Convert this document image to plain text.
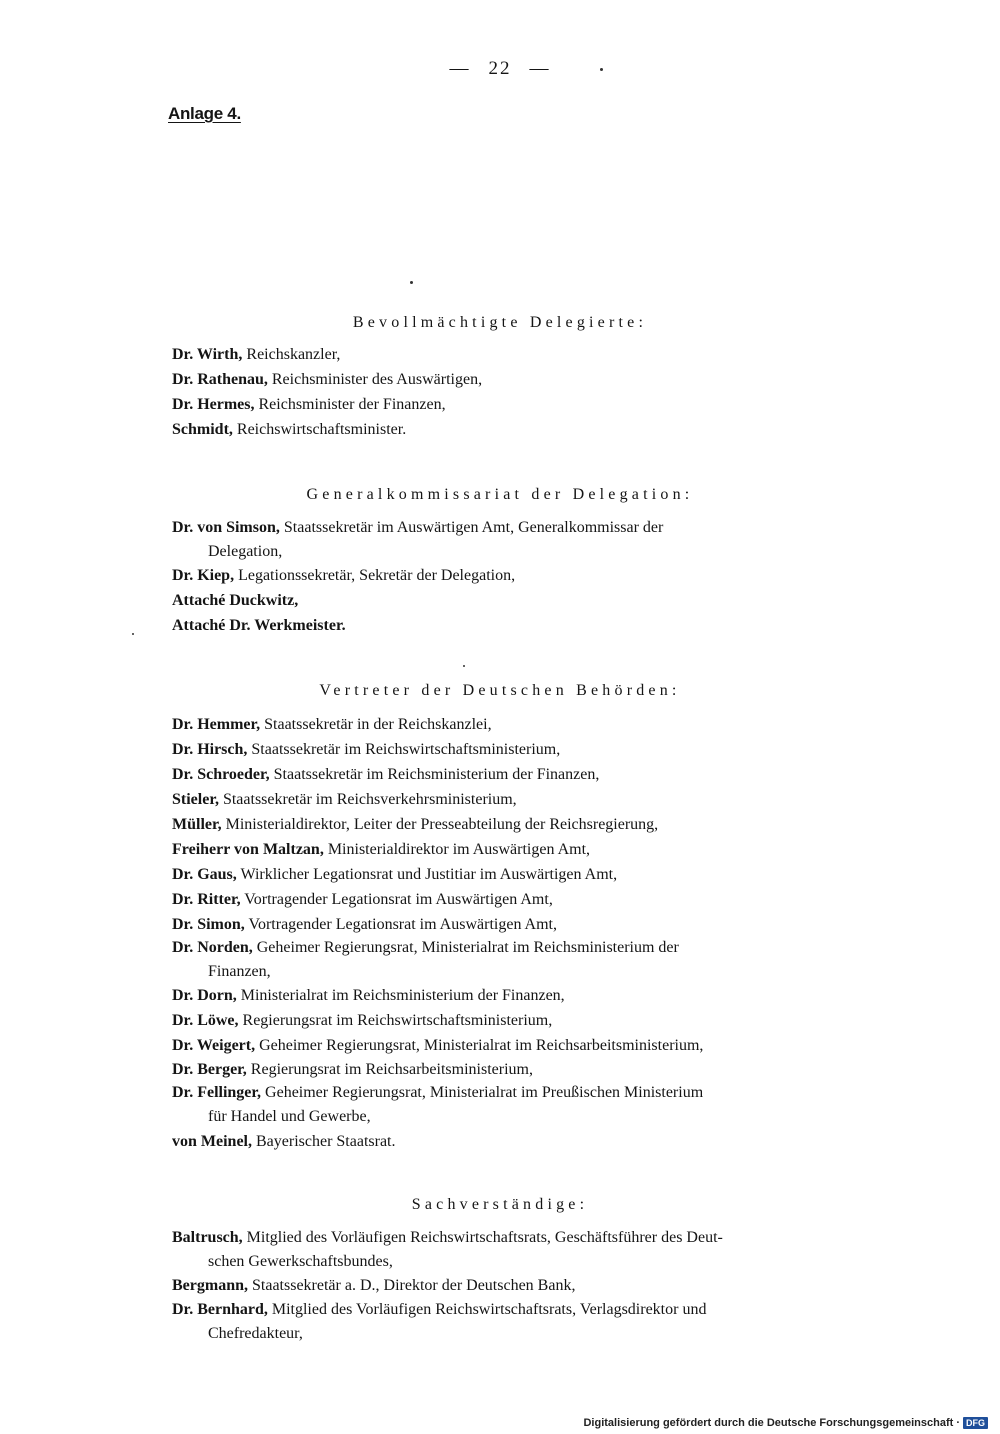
— 22 —
Anlage 4.
Bevollmächtigte Delegierte:
Dr. Wirth, Reichskanzler,
Dr. Rathenau, Reichsminister des Auswärtigen,
Dr. Hermes, Reichsminister der Finanzen,
Schmidt, Reichswirtschaftsminister.
Generalkommissariat der Delegation:
Dr. von Simson, Staatssekretär im Auswärtigen Amt, Generalkommissar der
Delegation,
Dr. Kiep, Legationssekretär, Sekretär der Delegation,
Attaché Duckwitz,
Attaché Dr. Werkmeister.
Vertreter der Deutschen Behörden:
Dr. Hemmer, Staatssekretär in der Reichskanzlei,
Dr. Hirsch, Staatssekretär im Reichswirtschaftsministerium,
Dr. Schroeder, Staatssekretär im Reichsministerium der Finanzen,
Stieler, Staatssekretär im Reichsverkehrsministerium,
Müller, Ministerialdirektor, Leiter der Presseabteilung der Reichsregierung,
Freiherr von Maltzan, Ministerialdirektor im Auswärtigen Amt,
Dr. Gaus, Wirklicher Legationsrat und Justitiar im Auswärtigen Amt,
Dr. Ritter, Vortragender Legationsrat im Auswärtigen Amt,
Dr. Simon, Vortragender Legationsrat im Auswärtigen Amt,
Dr. Norden, Geheimer Regierungsrat, Ministerialrat im Reichsministerium der
Finanzen,
Dr. Dorn, Ministerialrat im Reichsministerium der Finanzen,
Dr. Löwe, Regierungsrat im Reichswirtschaftsministerium,
Dr. Weigert, Geheimer Regierungsrat, Ministerialrat im Reichsarbeitsministerium,
Dr. Berger, Regierungsrat im Reichsarbeitsministerium,
Dr. Fellinger, Geheimer Regierungsrat, Ministerialrat im Preußischen Ministerium
für Handel und Gewerbe,
von Meinel, Bayerischer Staatsrat.
Sachverständige:
Baltrusch, Mitglied des Vorläufigen Reichswirtschaftsrats, Geschäftsführer des Deut-
schen Gewerkschaftsbundes,
Bergmann, Staatssekretär a. D., Direktor der Deutschen Bank,
Dr. Bernhard, Mitglied des Vorläufigen Reichswirtschaftsrats, Verlagsdirektor und
Chefredakteur,
Digitalisierung gefördert durch die Deutsche Forschungsgemeinschaft · DFG
